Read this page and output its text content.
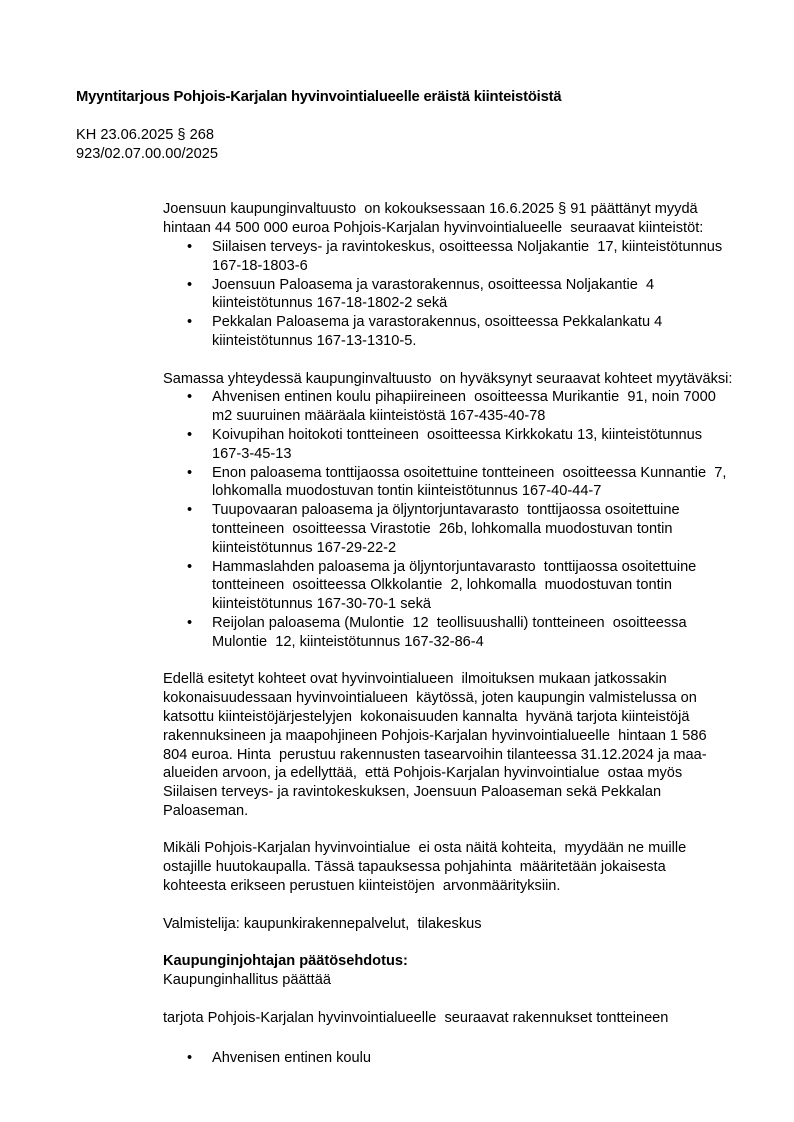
Myyntitarjous Pohjois-Karjalan hyvinvointialueelle eräistä kiinteistöistä

KH 23.06.2025 § 268

923/02.07.00.00/2025

Joensuun kaupunginvaltuusto  on kokouksessaan 16.6.2025 § 91 päättänyt myydä hintaan 44 500 000 euroa Pohjois-Karjalan hyvinvointialueelle  seuraavat kiinteistöt:

•	Siilaisen terveys- ja ravintokeskus, osoitteessa Noljakantie  17, kiinteistötunnus 167-18-1803-6
•	Joensuun Paloasema ja varastorakennus, osoitteessa Noljakantie  4 kiinteistötunnus 167-18-1802-2 sekä
•	Pekkalan Paloasema ja varastorakennus, osoitteessa Pekkalankatu 4 kiinteistötunnus 167-13-1310-5.

Samassa yhteydessä kaupunginvaltuusto  on hyväksynyt seuraavat kohteet myytäväksi:

•	Ahvenisen entinen koulu pihapiireineen  osoitteessa Murikantie  91, noin 7000 m2 suuruinen määräala kiinteistöstä 167-435-40-78
•	Koivupihan hoitokoti tontteineen  osoitteessa Kirkkokatu 13, kiinteistötunnus 167-3-45-13
•	Enon paloasema tonttijaossa osoitettuine tontteineen  osoitteessa Kunnantie  7, lohkomalla muodostuvan tontin kiinteistötunnus 167-40-44-7
•	Tuupovaaran paloasema ja öljyntorjuntavarasto  tonttijaossa osoitettuine tontteineen  osoitteessa Virastotie  26b, lohkomalla muodostuvan tontin kiinteistötunnus 167-29-22-2
•	Hammaslahden paloasema ja öljyntorjuntavarasto  tonttijaossa osoitettuine tontteineen  osoitteessa Olkkolantie  2, lohkomalla  muodostuvan tontin kiinteistötunnus 167-30-70-1 sekä
•	Reijolan paloasema (Mulontie  12  teollisuushalli) tontteineen  osoitteessa Mulontie  12, kiinteistötunnus 167-32-86-4

Edellä esitetyt kohteet ovat hyvinvointialueen  ilmoituksen mukaan jatkossakin kokonaisuudessaan hyvinvointialueen  käytössä, joten kaupungin valmistelussa on katsottu kiinteistöjärjestelyjen  kokonaisuuden kannalta  hyvänä tarjota kiinteistöjä rakennuksineen ja maapohjineen Pohjois-Karjalan hyvinvointialueelle  hintaan 1 586 804 euroa. Hinta  perustuu rakennusten tasearvoihin tilanteessa 31.12.2024 ja maa-alueiden arvoon, ja edellyttää,  että Pohjois-Karjalan hyvinvointialue  ostaa myös Siilaisen terveys- ja ravintokeskuksen, Joensuun Paloaseman sekä Pekkalan Paloaseman.

Mikäli Pohjois-Karjalan hyvinvointialue  ei osta näitä kohteita,  myydään ne muille ostajille huutokaupalla. Tässä tapauksessa pohjahinta  määritetään jokaisesta kohteesta erikseen perustuen kiinteistöjen  arvonmäärityksiin.

Valmistelija: kaupunkirakennepalvelut,  tilakeskus

Kaupunginjohtajan päätösehdotus:

Kaupunginhallitus päättää

tarjota Pohjois-Karjalan hyvinvointialueelle  seuraavat rakennukset tontteineen

•	Ahvenisen entinen koulu
